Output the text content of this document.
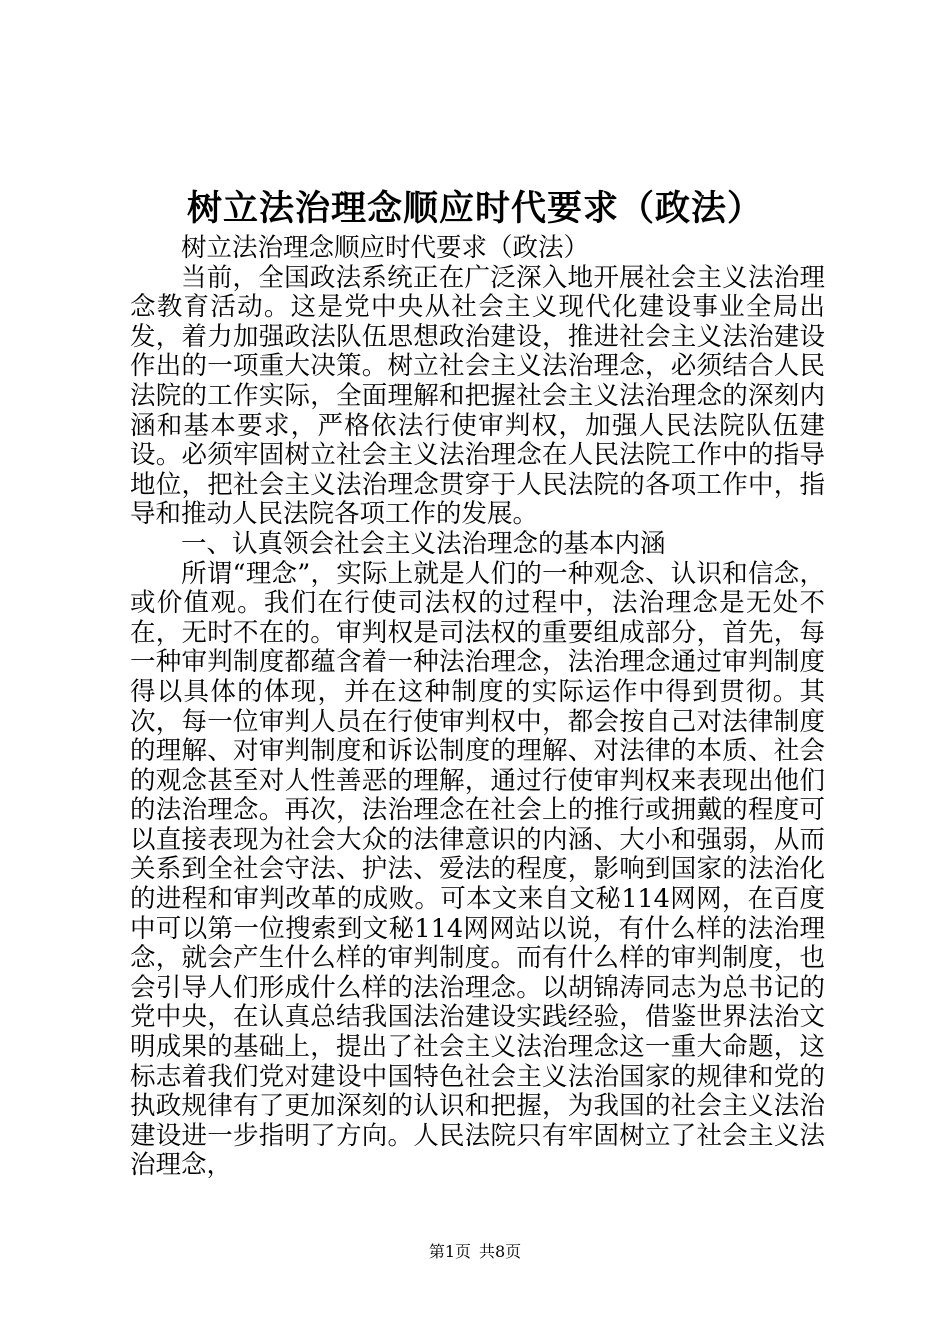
树立法治理念顺应时代要求（政法）

树立法治理念顺应时代要求（政法）

当前，全国政法系统正在广泛深入地开展社会主义法治理念教育活动。这是党中央从社会主义现代化建设事业全局出发，着力加强政法队伍思想政治建设，推进社会主义法治建设作出的一项重大决策。树立社会主义法治理念，必须结合人民法院的工作实际，全面理解和把握社会主义法治理念的深刻内涵和基本要求，严格依法行使审判权，加强人民法院队伍建设。必须牢固树立社会主义法治理念在人民法院工作中的指导地位，把社会主义法治理念贯穿于人民法院的各项工作中，指导和推动人民法院各项工作的发展。

一、认真领会社会主义法治理念的基本内涵

所谓“理念”，实际上就是人们的一种观念、认识和信念，或价值观。我们在行使司法权的过程中，法治理念是无处不在，无时不在的。审判权是司法权的重要组成部分，首先，每一种审判制度都蕴含着一种法治理念，法治理念通过审判制度得以具体的体现，并在这种制度的实际运作中得到贯彻。其次，每一位审判人员在行使审判权中，都会按自己对法律制度的理解、对审判制度和诉讼制度的理解、对法律的本质、社会的观念甚至对人性善恶的理解，通过行使审判权来表现出他们的法治理念。再次，法治理念在社会上的推行或拥戴的程度可以直接表现为社会大众的法律意识的内涵、大小和强弱，从而关系到全社会守法、护法、爱法的程度，影响到国家的法治化的进程和审判改革的成败。可本文来自文秘114网网，在百度中可以第一位搜索到文秘114网网站以说，有什么样的法治理念，就会产生什么样的审判制度。而有什么样的审判制度，也会引导人们形成什么样的法治理念。以胡锦涛同志为总书记的党中央，在认真总结我国法治建设实践经验，借鉴世界法治文明成果的基础上，提出了社会主义法治理念这一重大命题，这标志着我们党对建设中国特色社会主义法治国家的规律和党的执政规律有了更加深刻的认识和把握，为我国的社会主义法治建设进一步指明了方向。人民法院只有牢固树立了社会主义法治理念，

第1页 共8页
